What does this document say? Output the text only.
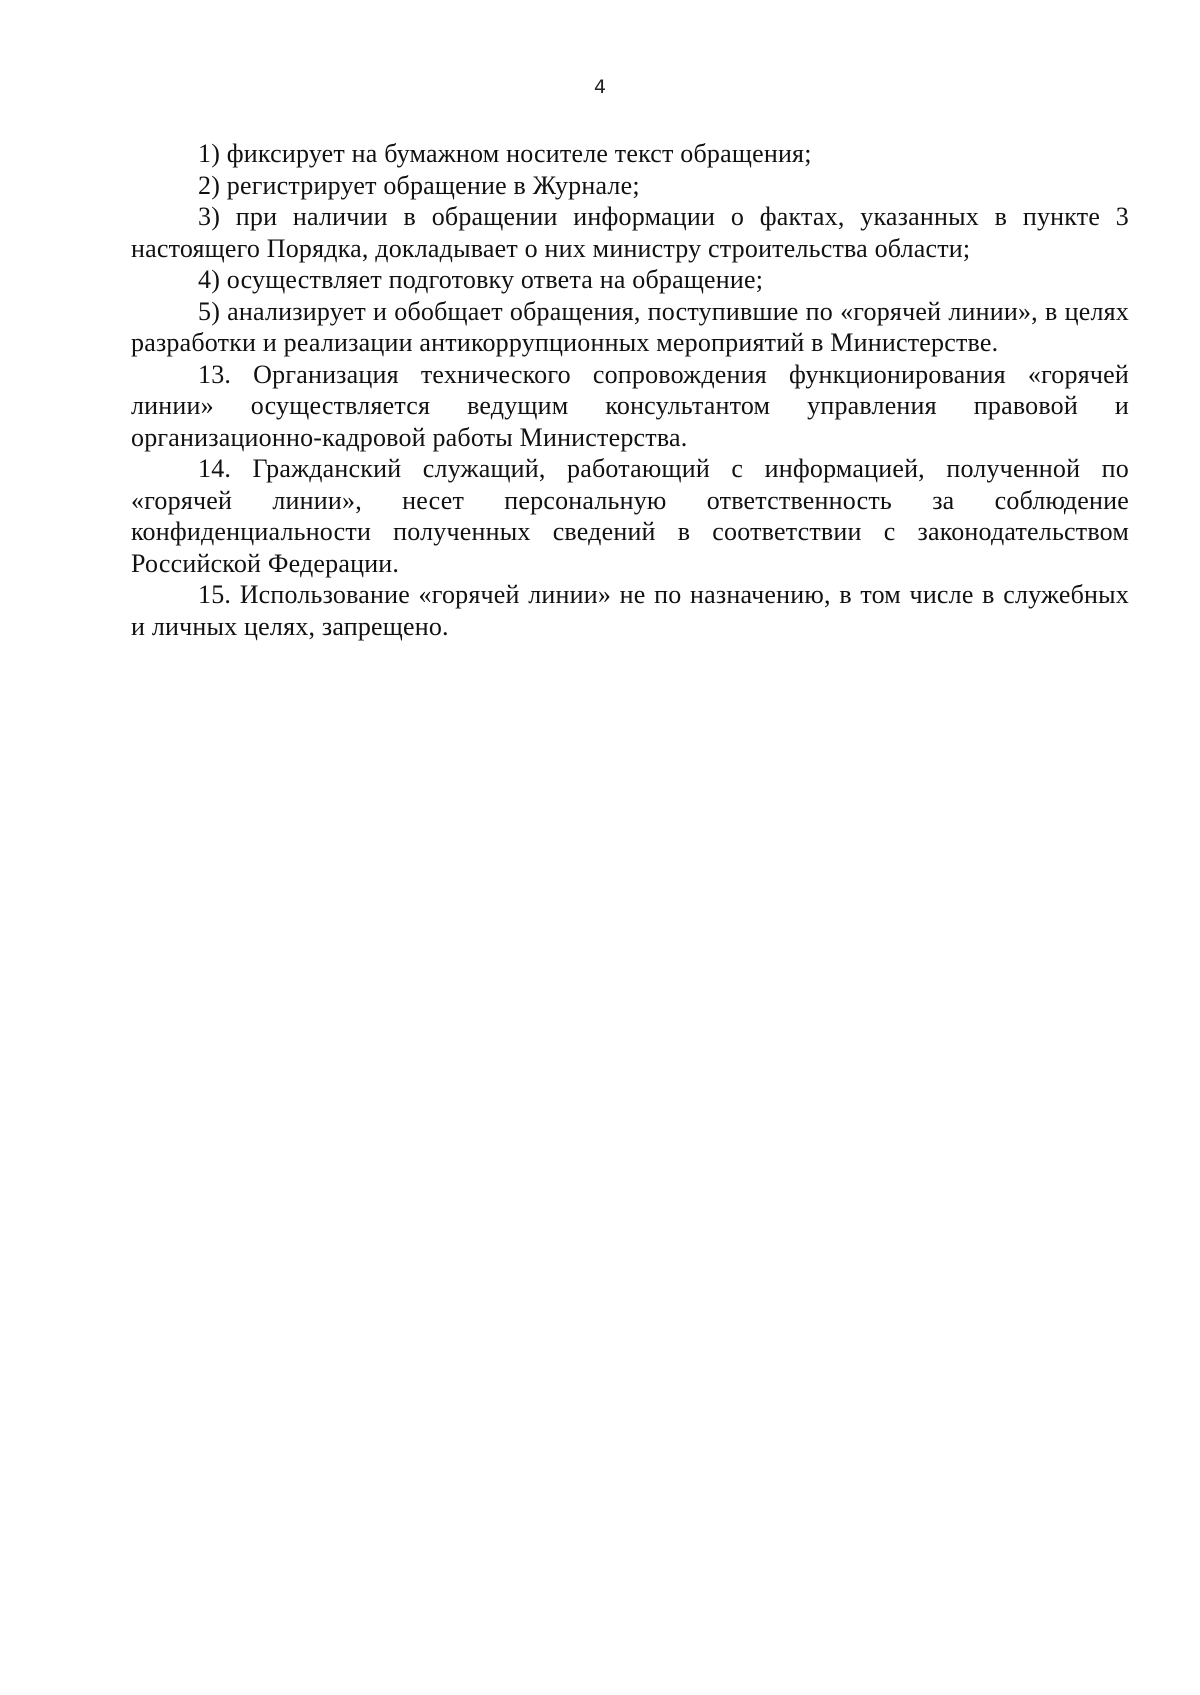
4

1) фиксирует на бумажном носителе текст обращения;

2) регистрирует обращение в Журнале;

3) при наличии в обращении информации о фактах, указанных в пункте 3 настоящего Порядка, докладывает о них министру строительства области;

4) осуществляет подготовку ответа на обращение;

5) анализирует и обобщает обращения, поступившие по «горячей линии», в целях разработки и реализации антикоррупционных мероприятий в Министерстве.

13. Организация технического сопровождения функционирования «горячей линии» осуществляется ведущим консультантом управления правовой и организационно-кадровой работы Министерства.

14. Гражданский служащий, работающий с информацией, полученной по «горячей линии», несет персональную ответственность за соблюдение конфиденциальности полученных сведений в соответствии с законодательством Российской Федерации.

15. Использование «горячей линии» не по назначению, в том числе в служебных и личных целях, запрещено.
